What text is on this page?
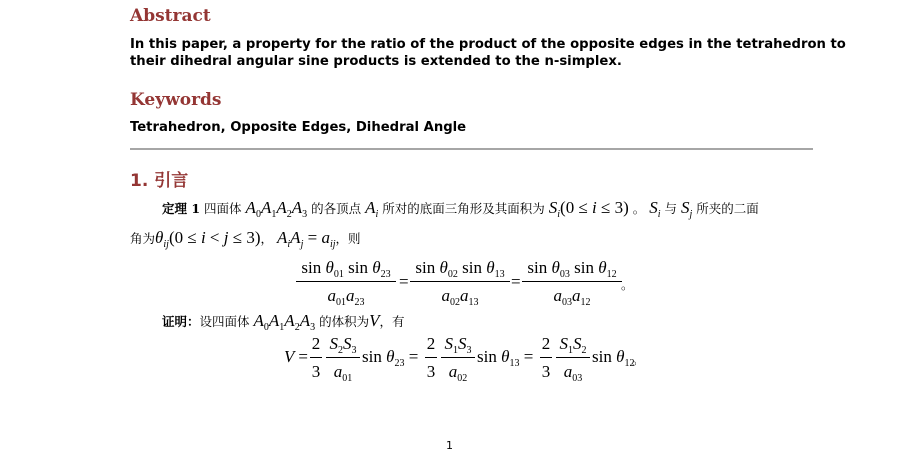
Abstract
In this paper, a property for the ratio of the product of the opposite edges in the tetrahedron to
their dihedral angular sine products is extended to the n-simplex.
Keywords
Tetrahedron, Opposite Edges, Dihedral Angle
1. 引言
定理 1 四面体 $A_0A_1A_2A_3$ 的各顶点 $A_i$ 所对的底面三角形及其面积为 $S_i(0 \le i \le 3)$ 。 $S_i$ 与 $S_j$ 所夹的二面
角为$\theta_{ij}(0 \le i < j \le 3)$， $A_iA_j = a_{ij}$，则
$\sin \theta_{01}$ $\sin \theta_{23}$
$a_{01}a_{23}$
=
$\sin \theta_{02}$ $\sin \theta_{13}$
$a_{02}a_{13}$
=
$\sin \theta_{03}$ $\sin \theta_{12}$
$a_{03}a_{12}$
。
证明：设四面体 $A_0A_1A_2A_3$ 的体积为V，有
V =
2
3
$S_2S_3$
$a_{01}$
$\sin \theta_{23}$ =
2
3
$S_1S_3$
$a_{02}$
$\sin \theta_{13}$ =
2
3
$S_1S_2$
$a_{03}$
$\sin \theta_{12}$
。
1
